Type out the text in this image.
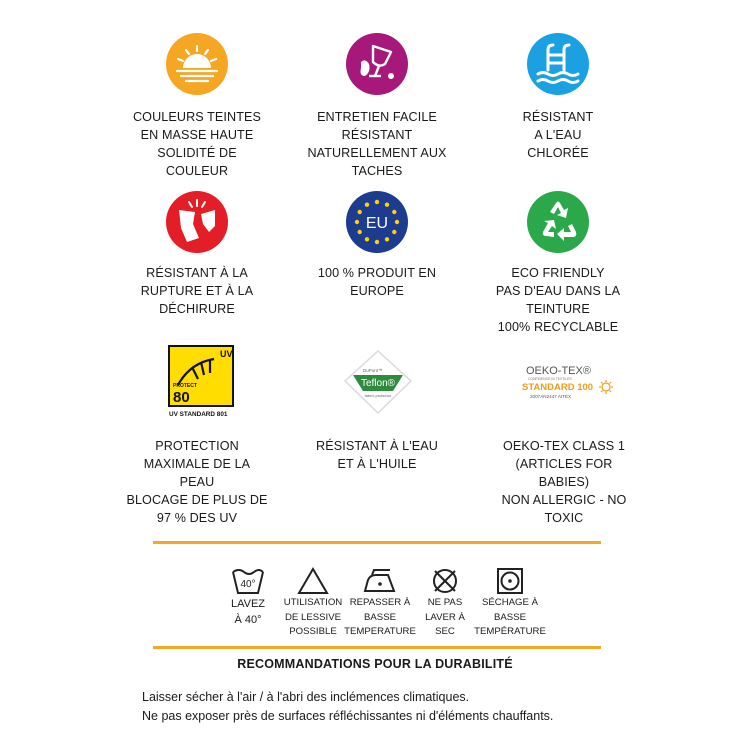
COULEURS TEINTES
EN MASSE HAUTE
SOLIDITÉ DE
COULEUR
ENTRETIEN FACILE
RÉSISTANT
NATURELLEMENT AUX
TACHES
RÉSISTANT
A L'EAU
CHLORÉE
RÉSISTANT À LA
RUPTURE ET À LA
DÉCHIRURE
EU
100 % PRODUIT EN
EUROPE
ECO FRIENDLY
PAS D'EAU DANS LA
TEINTURE
100% RECYCLABLE
UV
PROTECT
80
UV STANDARD 801
PROTECTION
MAXIMALE DE LA
PEAU
BLOCAGE DE PLUS DE
97 % DES UV
DuPont™
Teflon®
fabric protector
RÉSISTANT À L'EAU
ET À L'HUILE
OEKO-TEX®
CONFIDENCE IN TEXTILES
STANDARD 100
2007AN2447 AITEX
OEKO-TEX CLASS 1
(ARTICLES FOR
BABIES)
NON ALLERGIC - NO
TOXIC
40°
LAVEZ
À 40°
UTILISATION
DE LESSIVE
POSSIBLE
REPASSER À
BASSE
TEMPERATURE
NE PAS
LAVER À
SEC
SÉCHAGE À
BASSE
TEMPÉRATURE
RECOMMANDATIONS POUR LA DURABILITÉ
Laisser sécher à l'air / à l'abri des inclémences climatiques.
Ne pas exposer près de surfaces réfléchissantes ni d'éléments chauffants.
